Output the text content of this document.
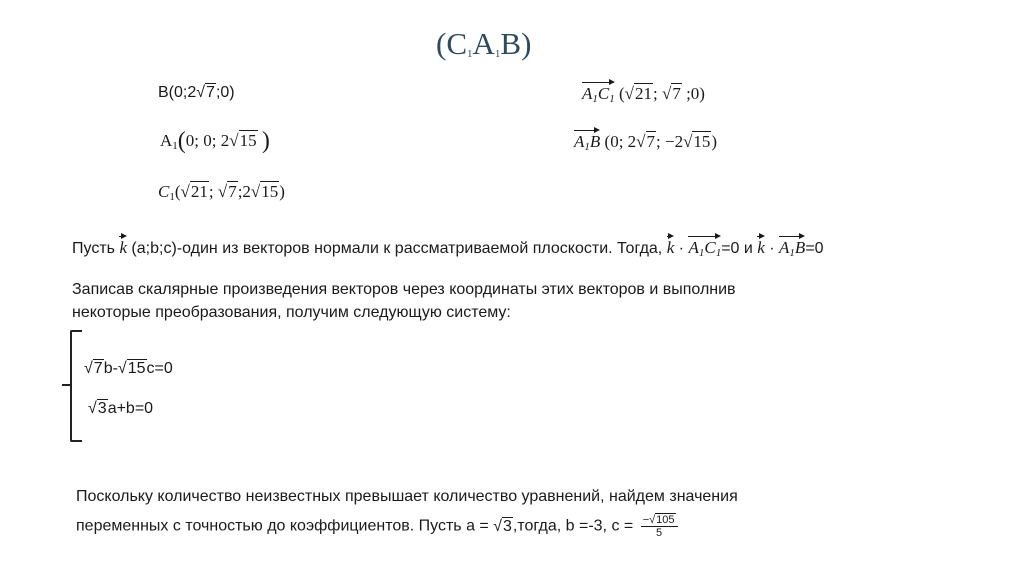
$(C_1A_1B)$
B(0;2√7;0)
$A_1(0$; 0; 2√15 )
$C_1(√21$; √7;2√15)
$A_1C_1$ (√21; √7 ;0)
$A_1B$ (0; 2√7; −2√15)
Пусть k (a;b;c)-один из векторов нормали к рассматриваемой плоскости. Тогда, $k \cdot A_1C_1=0$ и $k \cdot A_1B=0$
Записав скалярные произведения векторов через координаты этих векторов и выполнив
некоторые преобразования, получим следующую систему:
√7b-√15c=0
√3a+b=0
Поскольку количество неизвестных превышает количество уравнений, найдем значения
переменных с точностью до коэффициентов. Пусть a = √3,тогда, b =-3, $c = \frac{-√105}{5}$
